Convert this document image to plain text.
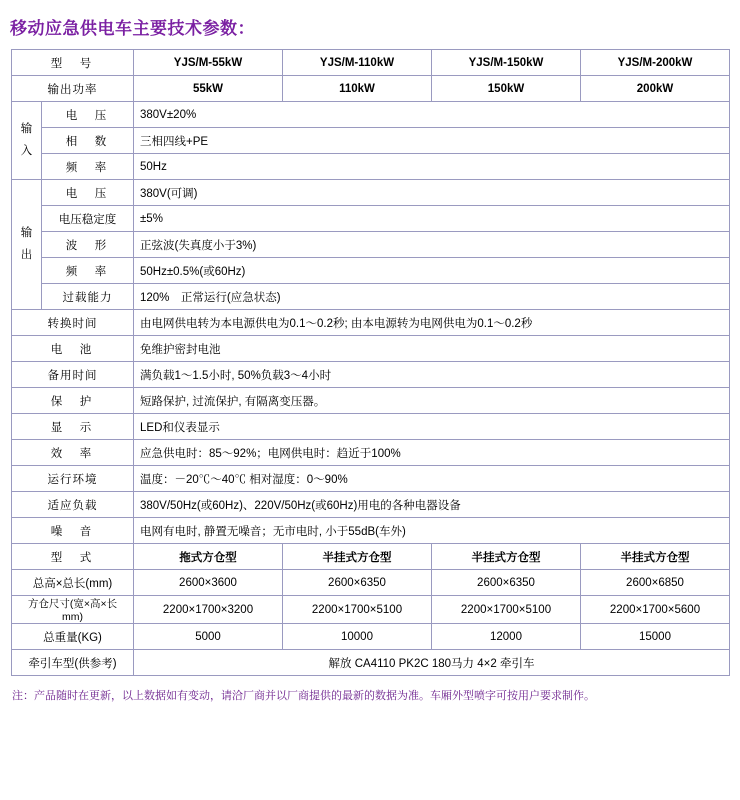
移动应急供电车主要技术参数：
型　号		YJS/M-55kW	YJS/M-110kW	YJS/M-150kW	YJS/M-200kW
输出功率		55kW	110kW	150kW	200kW

输
入	电　压	380V±20%			
	相　数	三相四线+PE			
	频　率	50Hz			

输
出	电　压	380V(可调)			
	电压稳定度	±5%			
	波　形	正弦波(失真度小于3%)			
	频　率	50Hz±0.5%(或60Hz)			
	过载能力	120%　正常运行(应急状态)			
转换时间		由电网供电转为本电源供电为0.1～0.2秒; 由本电源转为电网供电为0.1～0.2秒			
电　池		免维护密封电池			
备用时间		满负载1～1.5小时, 50%负载3～4小时			
保　护		短路保护, 过流保护, 有隔离变压器。			
显　示		LED和仪表显示			
效　率		应急供电时：85～92%；电网供电时：趋近于100%			
运行环境		温度：－20℃～40℃ 相对湿度：0～90%			
适应负载		380V/50Hz(或60Hz)、220V/50Hz(或60Hz)用电的各种电器设备			
噪　音		电网有电时, 静置无噪音；无市电时, 小于55dB(车外)			
型　式		拖式方仓型	半挂式方仓型	半挂式方仓型	半挂式方仓型
总高×总长(mm)		2600×3600	2600×6350	2600×6350	2600×6850
方仓尺寸(宽×高×长mm)		2200×1700×3200	2200×1700×5100	2200×1700×5100	2200×1700×5600
总重量(KG)		5000	10000	12000	15000
牵引车型(供参考)		解放 CA4110 PK2C 180马力 4×2 牵引车			
注：产品随时在更新，以上数据如有变动，请洽厂商并以厂商提供的最新的数据为准。车厢外型喷字可按用户要求制作。
